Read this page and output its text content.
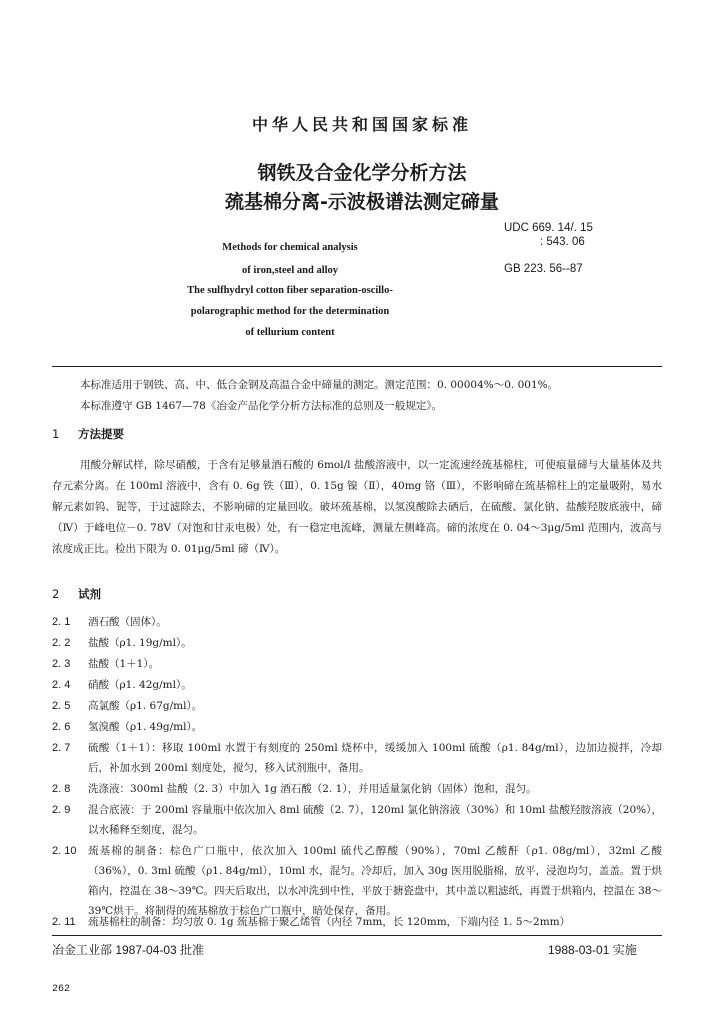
中华人民共和国国家标准
钢铁及合金化学分析方法
巯基棉分离-示波极谱法测定碲量
Methods for chemical analysis
of iron,steel and alloy
The sulfhydryl cotton fiber separation-oscillo-
polarographic method for the determination
of tellurium content
UDC 669. 14/. 15
: 543. 06
GB 223. 56--87
本标准适用于钢铁、高、中、低合金钢及高温合金中碲量的测定。测定范围：0. 00004%～0. 001%。
本标准遵守 GB 1467—78《冶金产品化学分析方法标准的总则及一般规定》。
1 方法提要
用酸分解试样，除尽硝酸，于含有足够量酒石酸的 6mol/l 盐酸溶液中，以一定流速经巯基棉柱，可使痕量碲与大量基体及共存元素分离。在 100ml 溶液中，含有 0. 6g 铁（Ⅲ），0. 15g 镍（Ⅱ），40mg 铬（Ⅲ），不影响碲在巯基棉柱上的定量吸附，易水解元素如钨、铌等，于过滤除去，不影响碲的定量回收。破坏巯基棉，以氢溴酸除去硒后，在硫酸、氯化钠、盐酸羟胺底液中，碲（Ⅳ）于峰电位－0. 78V（对饱和甘汞电极）处，有一稳定电流峰，测量左侧峰高。碲的浓度在 0. 04～3μg/5ml 范围内，波高与浓度成正比。检出下限为 0. 01μg/5ml 碲（Ⅳ）。
2 试剂
2. 1	酒石酸（固体）。
2. 2	盐酸（ρ1. 19g/ml）。
2. 3	盐酸（1＋1）。
2. 4	硝酸（ρ1. 42g/ml）。
2. 5	高氯酸（ρ1. 67g/ml）。
2. 6	氢溴酸（ρ1. 49g/ml）。
2. 7	硫酸（1＋1）：移取 100ml 水置于有刻度的 250ml 烧杯中，缓缓加入 100ml 硫酸（ρ1. 84g/ml），边加边搅拌，冷却后，补加水到 200ml 刻度处，搅匀，移入试剂瓶中，备用。
2. 8	洗涤液：300ml 盐酸（2. 3）中加入 1g 酒石酸（2. 1），并用适量氯化钠（固体）饱和，混匀。
2. 9	混合底液：于 200ml 容量瓶中依次加入 8ml 硫酸（2. 7），120ml 氯化钠溶液（30%）和 10ml 盐酸羟胺溶液（20%），以水稀释至刻度，混匀。
2. 10	巯基棉的制备：棕色广口瓶中，依次加入 100ml 硫代乙醇酸（90%），70ml 乙酸酐（ρ1. 08g/ml），32ml 乙酸（36%），0. 3ml 硫酸（ρ1. 84g/ml），10ml 水，混匀。冷却后，加入 30g 医用脱脂棉，放平，浸泡均匀，盖盖。置于烘箱内，控温在 38～39℃。四天后取出，以水冲洗到中性，平放于搪瓷盘中，其中盖以粗滤纸，再置于烘箱内，控温在 38～39℃烘干。将制得的巯基棉放于棕色广口瓶中，暗处保存，备用。
2. 11	巯基棉柱的制备：均匀放 0. 1g 巯基棉于聚乙烯管（内径 7mm，长 120mm，下端内径 1. 5～2mm）
冶金工业部 1987-04-03 批准	1988-03-01 实施
262
